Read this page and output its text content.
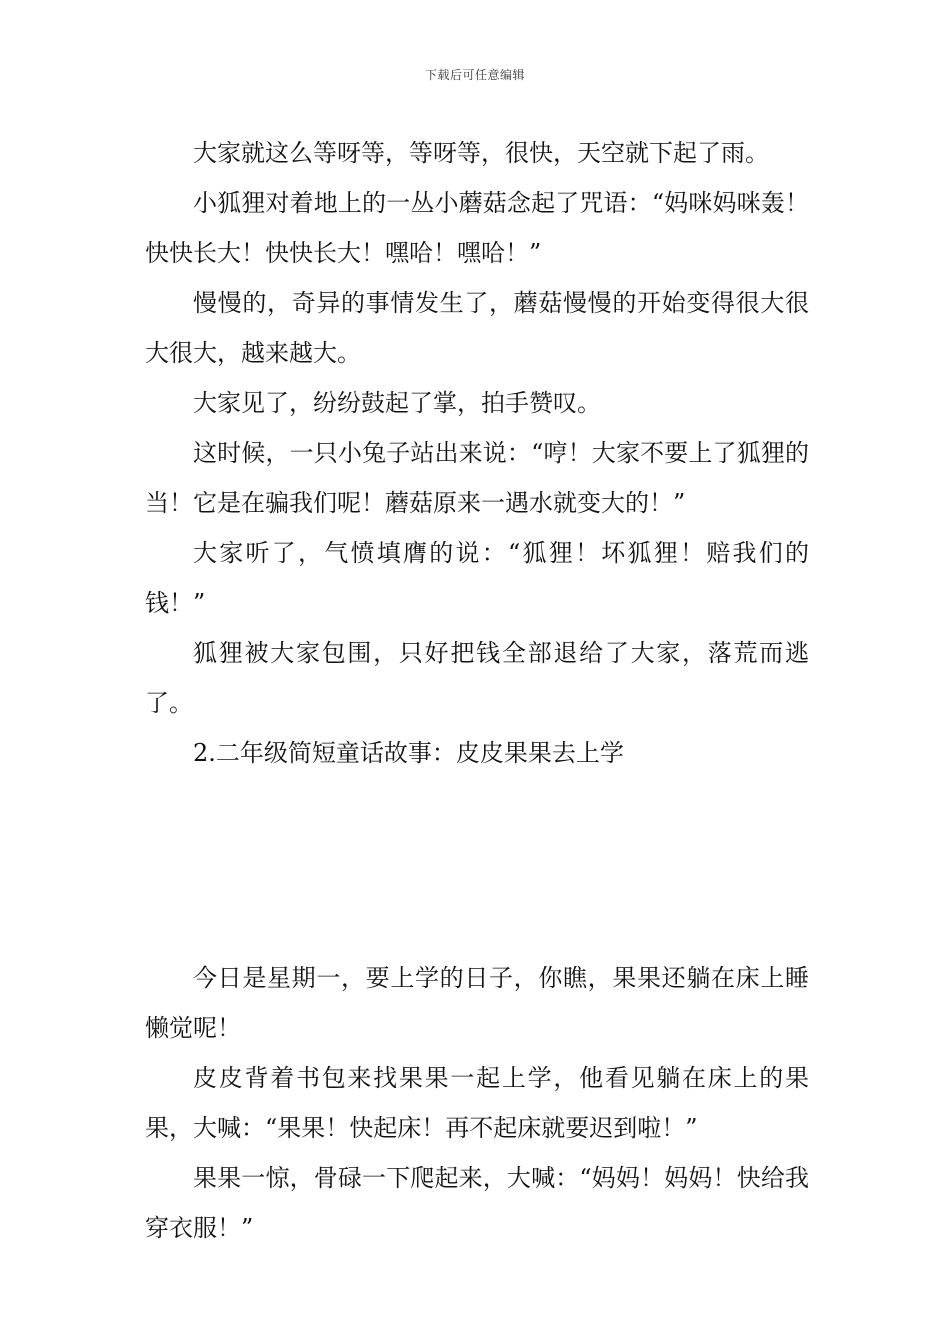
下载后可任意编辑

大家就这么等呀等，等呀等，很快，天空就下起了雨。

小狐狸对着地上的一丛小蘑菇念起了咒语：“妈咪妈咪轰！快快长大！快快长大！嘿哈！嘿哈！”

慢慢的，奇异的事情发生了，蘑菇慢慢的开始变得很大很大很大，越来越大。

大家见了，纷纷鼓起了掌，拍手赞叹。

这时候，一只小兔子站出来说：“哼！大家不要上了狐狸的当！它是在骗我们呢！蘑菇原来一遇水就变大的！”

大家听了，气愤填膺的说：“狐狸！坏狐狸！赔我们的钱！”

狐狸被大家包围，只好把钱全部退给了大家，落荒而逃了。

2.二年级简短童话故事：皮皮果果去上学

今日是星期一，要上学的日子，你瞧，果果还躺在床上睡懒觉呢！

皮皮背着书包来找果果一起上学，他看见躺在床上的果果，大喊：“果果！快起床！再不起床就要迟到啦！”

果果一惊，骨碌一下爬起来，大喊：“妈妈！妈妈！快给我穿衣服！”
